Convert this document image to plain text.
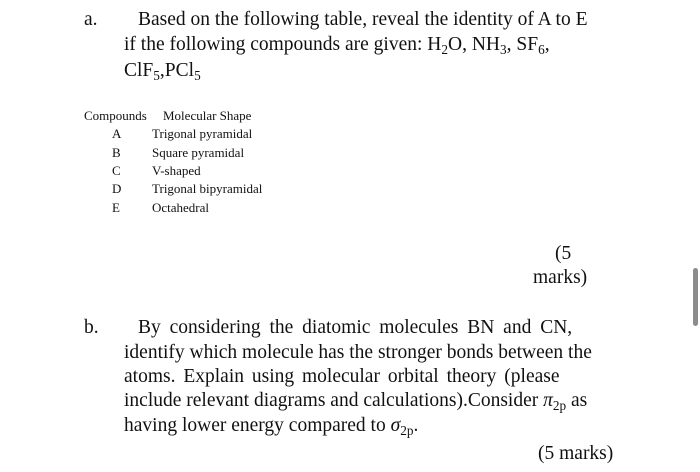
a. Based on the following table, reveal the identity of A to E
if the following compounds are given: $H_2O$, $NH_3$, $SF_6$,
ClF$_5$,PCl$_5$
Compounds Molecular Shape
A Trigonal pyramidal
B Square pyramidal
C V-shaped
D Trigonal bipyramidal
E Octahedral
(5
marks)
b. By considering the diatomic molecules BN and CN,
identify which molecule has the stronger bonds between the
atoms. Explain using molecular orbital theory (please
include relevant diagrams and calculations).Consider $\pi_{2p}$ as
having lower energy compared to $\sigma_{2p}$.
(5 marks)
